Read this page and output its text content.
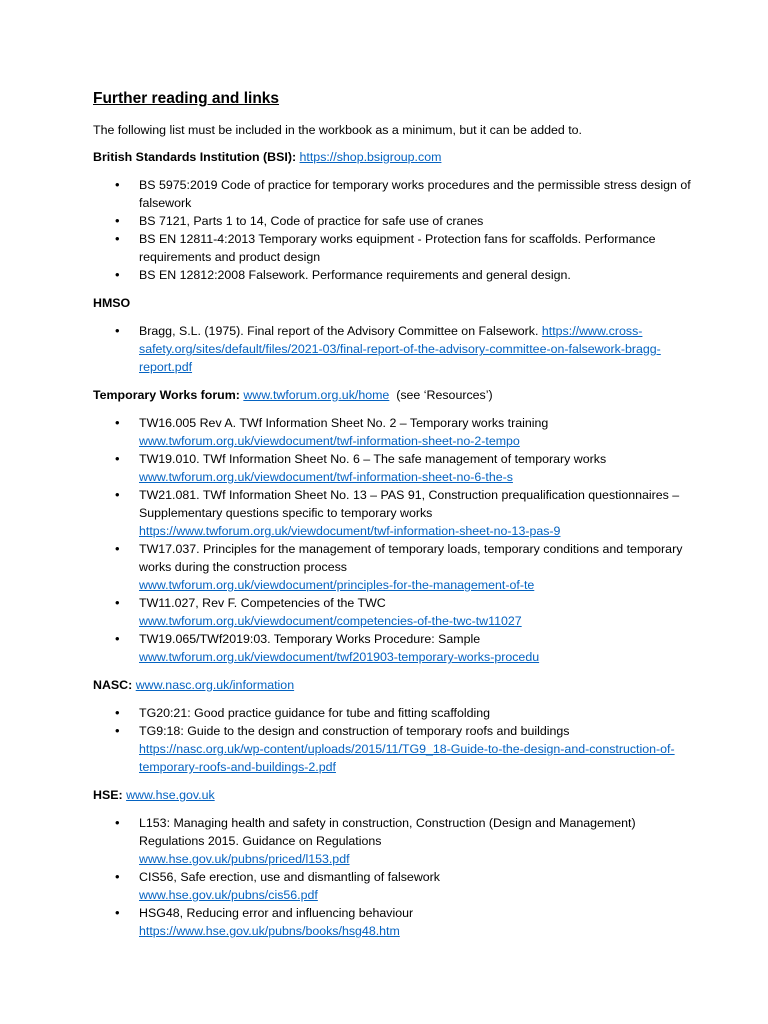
Further reading and links

The following list must be included in the workbook as a minimum, but it can be added to.

British Standards Institution (BSI): https://shop.bsigroup.com

• BS 5975:2019 Code of practice for temporary works procedures and the permissible stress design of falsework
• BS 7121, Parts 1 to 14, Code of practice for safe use of cranes
• BS EN 12811-4:2013 Temporary works equipment - Protection fans for scaffolds. Performance requirements and product design
• BS EN 12812:2008 Falsework. Performance requirements and general design.

HMSO

• Bragg, S.L. (1975). Final report of the Advisory Committee on Falsework. https://www.cross-safety.org/sites/default/files/2021-03/final-report-of-the-advisory-committee-on-falsework-bragg-report.pdf

Temporary Works forum: www.twforum.org.uk/home (see ‘Resources’)

• TW16.005 Rev A. TWf Information Sheet No. 2 – Temporary works training
www.twforum.org.uk/viewdocument/twf-information-sheet-no-2-tempo
• TW19.010. TWf Information Sheet No. 6 – The safe management of temporary works
www.twforum.org.uk/viewdocument/twf-information-sheet-no-6-the-s
• TW21.081. TWf Information Sheet No. 13 – PAS 91, Construction prequalification questionnaires – Supplementary questions specific to temporary works
https://www.twforum.org.uk/viewdocument/twf-information-sheet-no-13-pas-9
• TW17.037. Principles for the management of temporary loads, temporary conditions and temporary works during the construction process
www.twforum.org.uk/viewdocument/principles-for-the-management-of-te
• TW11.027, Rev F. Competencies of the TWC
www.twforum.org.uk/viewdocument/competencies-of-the-twc-tw11027
• TW19.065/TWf2019:03. Temporary Works Procedure: Sample
www.twforum.org.uk/viewdocument/twf201903-temporary-works-procedu

NASC: www.nasc.org.uk/information

• TG20:21: Good practice guidance for tube and fitting scaffolding
• TG9:18: Guide to the design and construction of temporary roofs and buildings
https://nasc.org.uk/wp-content/uploads/2015/11/TG9_18-Guide-to-the-design-and-construction-of-temporary-roofs-and-buildings-2.pdf

HSE: www.hse.gov.uk

• L153: Managing health and safety in construction, Construction (Design and Management) Regulations 2015. Guidance on Regulations
www.hse.gov.uk/pubns/priced/l153.pdf
• CIS56, Safe erection, use and dismantling of falsework
www.hse.gov.uk/pubns/cis56.pdf
• HSG48, Reducing error and influencing behaviour
https://www.hse.gov.uk/pubns/books/hsg48.htm
